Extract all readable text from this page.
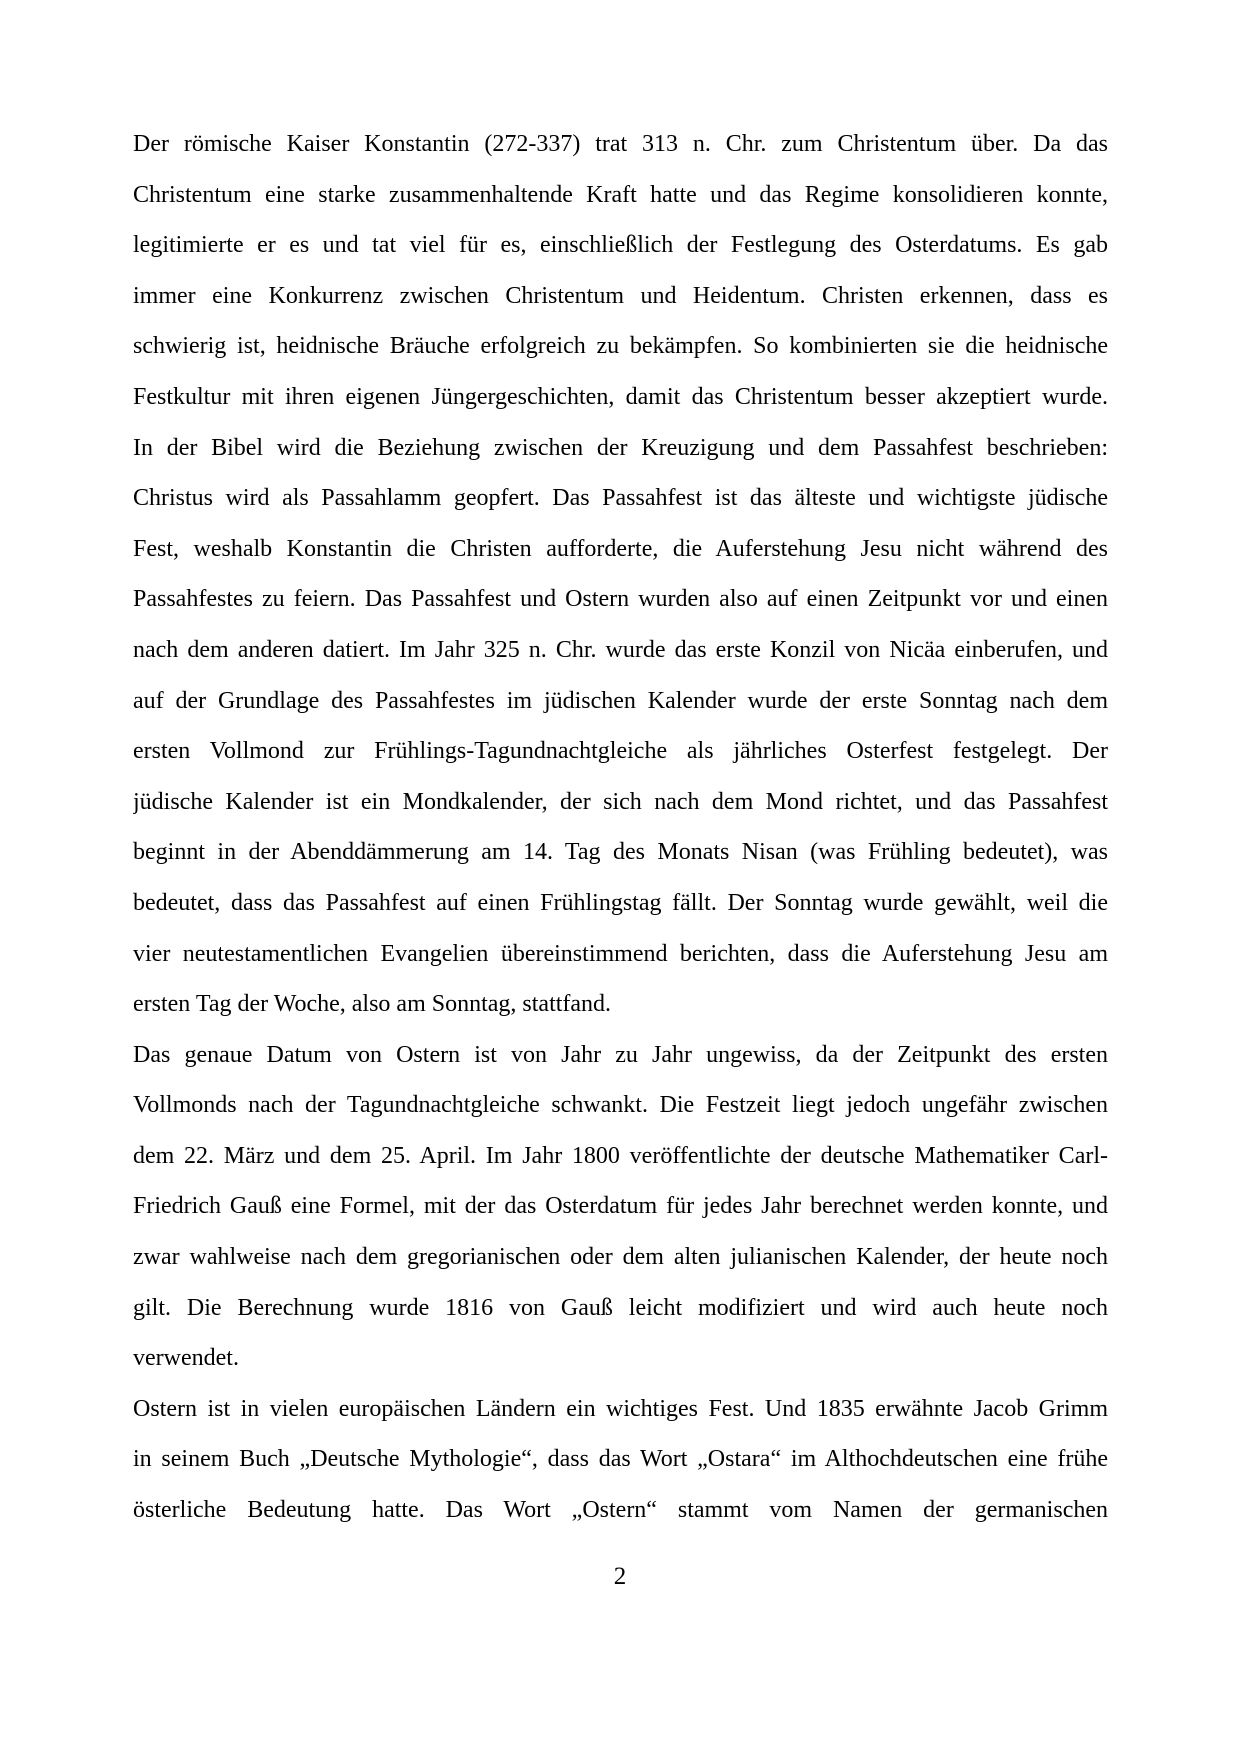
Der römische Kaiser Konstantin (272-337) trat 313 n. Chr. zum Christentum über. Da das
Christentum eine starke zusammenhaltende Kraft hatte und das Regime konsolidieren konnte,
legitimierte er es und tat viel für es, einschließlich der Festlegung des Osterdatums. Es gab
immer eine Konkurrenz zwischen Christentum und Heidentum. Christen erkennen, dass es
schwierig ist, heidnische Bräuche erfolgreich zu bekämpfen. So kombinierten sie die heidnische
Festkultur mit ihren eigenen Jüngergeschichten, damit das Christentum besser akzeptiert wurde.
In der Bibel wird die Beziehung zwischen der Kreuzigung und dem Passahfest beschrieben:
Christus wird als Passahlamm geopfert. Das Passahfest ist das älteste und wichtigste jüdische
Fest, weshalb Konstantin die Christen aufforderte, die Auferstehung Jesu nicht während des
Passahfestes zu feiern. Das Passahfest und Ostern wurden also auf einen Zeitpunkt vor und einen
nach dem anderen datiert. Im Jahr 325 n. Chr. wurde das erste Konzil von Nicäa einberufen, und
auf der Grundlage des Passahfestes im jüdischen Kalender wurde der erste Sonntag nach dem
ersten Vollmond zur Frühlings-Tagundnachtgleiche als jährliches Osterfest festgelegt. Der
jüdische Kalender ist ein Mondkalender, der sich nach dem Mond richtet, und das Passahfest
beginnt in der Abenddämmerung am 14. Tag des Monats Nisan (was Frühling bedeutet), was
bedeutet, dass das Passahfest auf einen Frühlingstag fällt. Der Sonntag wurde gewählt, weil die
vier neutestamentlichen Evangelien übereinstimmend berichten, dass die Auferstehung Jesu am
ersten Tag der Woche, also am Sonntag, stattfand.
Das genaue Datum von Ostern ist von Jahr zu Jahr ungewiss, da der Zeitpunkt des ersten
Vollmonds nach der Tagundnachtgleiche schwankt. Die Festzeit liegt jedoch ungefähr zwischen
dem 22. März und dem 25. April. Im Jahr 1800 veröffentlichte der deutsche Mathematiker Carl-
Friedrich Gauß eine Formel, mit der das Osterdatum für jedes Jahr berechnet werden konnte, und
zwar wahlweise nach dem gregorianischen oder dem alten julianischen Kalender, der heute noch
gilt. Die Berechnung wurde 1816 von Gauß leicht modifiziert und wird auch heute noch
verwendet.
Ostern ist in vielen europäischen Ländern ein wichtiges Fest. Und 1835 erwähnte Jacob Grimm
in seinem Buch „Deutsche Mythologie“, dass das Wort „Ostara“ im Althochdeutschen eine frühe
österliche Bedeutung hatte. Das Wort „Ostern“ stammt vom Namen der germanischen
2
